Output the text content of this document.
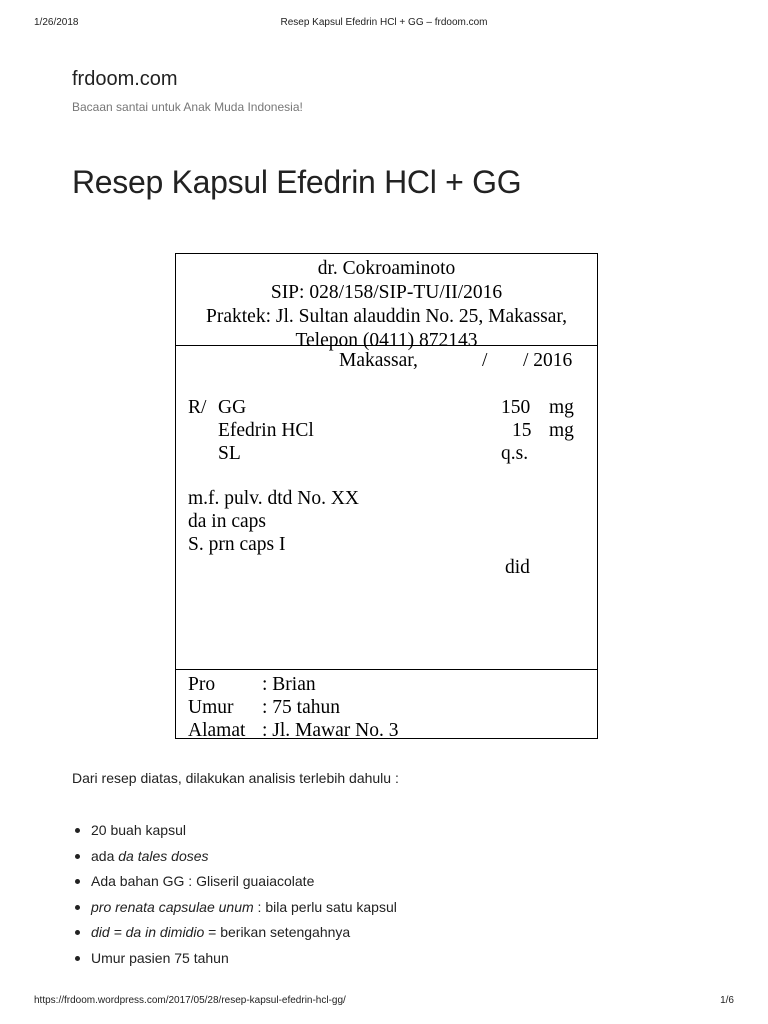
1/26/2018	Resep Kapsul Efedrin HCl + GG – frdoom.com
frdoom.com
Bacaan santai untuk Anak Muda Indonesia!
Resep Kapsul Efedrin HCl + GG
dr. Cokroaminoto
SIP: 028/158/SIP-TU/II/2016
Praktek: Jl. Sultan alauddin No. 25, Makassar,
Telepon (0411) 872143
Makassar,	/ / 2016
R/ GG	150 mg
Efedrin HCl	15 mg
SL	q.s.
m.f. pulv. dtd No. XX
da in caps
S. prn caps I
did
Pro : Brian
Umur : 75 tahun
Alamat : Jl. Mawar No. 3

Dari resep diatas, dilakukan analisis terlebih dahulu :

20 buah kapsul
ada da tales doses
Ada bahan GG : Gliseril guaiacolate
pro renata capsulae unum : bila perlu satu kapsul
did = da in dimidio = berikan setengahnya
Umur pasien 75 tahun
https://frdoom.wordpress.com/2017/05/28/resep-kapsul-efedrin-hcl-gg/	1/6
